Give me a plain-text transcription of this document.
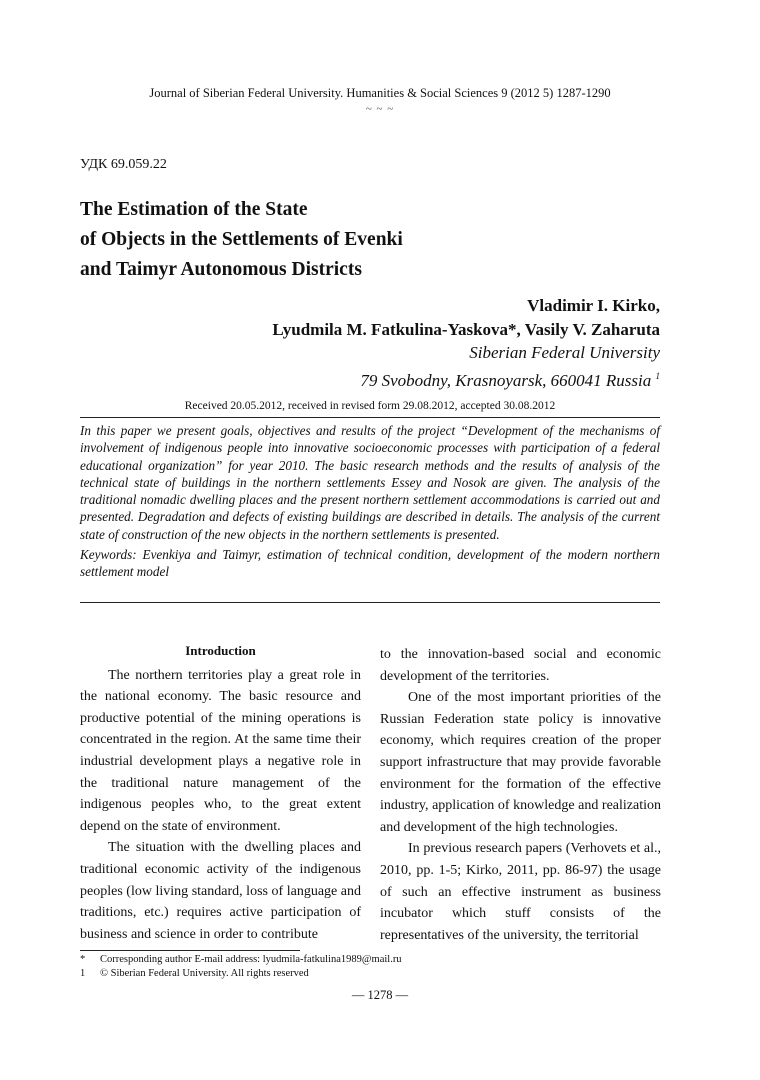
Journal of Siberian Federal University. Humanities & Social Sciences 9 (2012 5) 1287-1290
~ ~ ~
УДК 69.059.22
The Estimation of the State
of Objects in the Settlements of Evenki
and Taimyr Autonomous Districts
Vladimir I. Kirko,
Lyudmila M. Fatkulina-Yaskova*, Vasily V. Zaharuta
Siberian Federal University
79 Svobodny, Krasnoyarsk, 660041 Russia $^1$
Received 20.05.2012, received in revised form 29.08.2012, accepted 30.08.2012

In this paper we present goals, objectives and results of the project “Development of the mechanisms of involvement of indigenous people into innovative socioeconomic processes with participation of a federal educational organization” for year 2010. The basic research methods and the results of analysis of the technical state of buildings in the northern settlements Essey and Nosok are given. The analysis of the traditional nomadic dwelling places and the present northern settlement accommodations is carried out and presented. Degradation and defects of existing buildings are described in details. The analysis of the current state of construction of the new objects in the northern settlements is presented.

Keywords: Evenkiya and Taimyr, estimation of technical condition, development of the modern northern settlement model

Introduction

The northern territories play a great role in the national economy. The basic resource and productive potential of the mining operations is concentrated in the region. At the same time their industrial development plays a negative role in the traditional nature management of the indigenous peoples who, to the great extent depend on the state of environment.

The situation with the dwelling places and traditional economic activity of the indigenous peoples (low living standard, loss of language and traditions, etc.) requires active participation of business and science in order to contribute

to the innovation-based social and economic development of the territories.

One of the most important priorities of the Russian Federation state policy is innovative economy, which requires creation of the proper support infrastructure that may provide favorable environment for the formation of the effective industry, application of knowledge and realization and development of the high technologies.

In previous research papers (Verhovets et al., 2010, pp. 1-5; Kirko, 2011, pp. 86-97) the usage of such an effective instrument as business incubator which stuff consists of the representatives of the university, the territorial

*	Corresponding author E-mail address: lyudmila-fatkulina1989@mail.ru
1	© Siberian Federal University. All rights reserved
― 1278 ―
